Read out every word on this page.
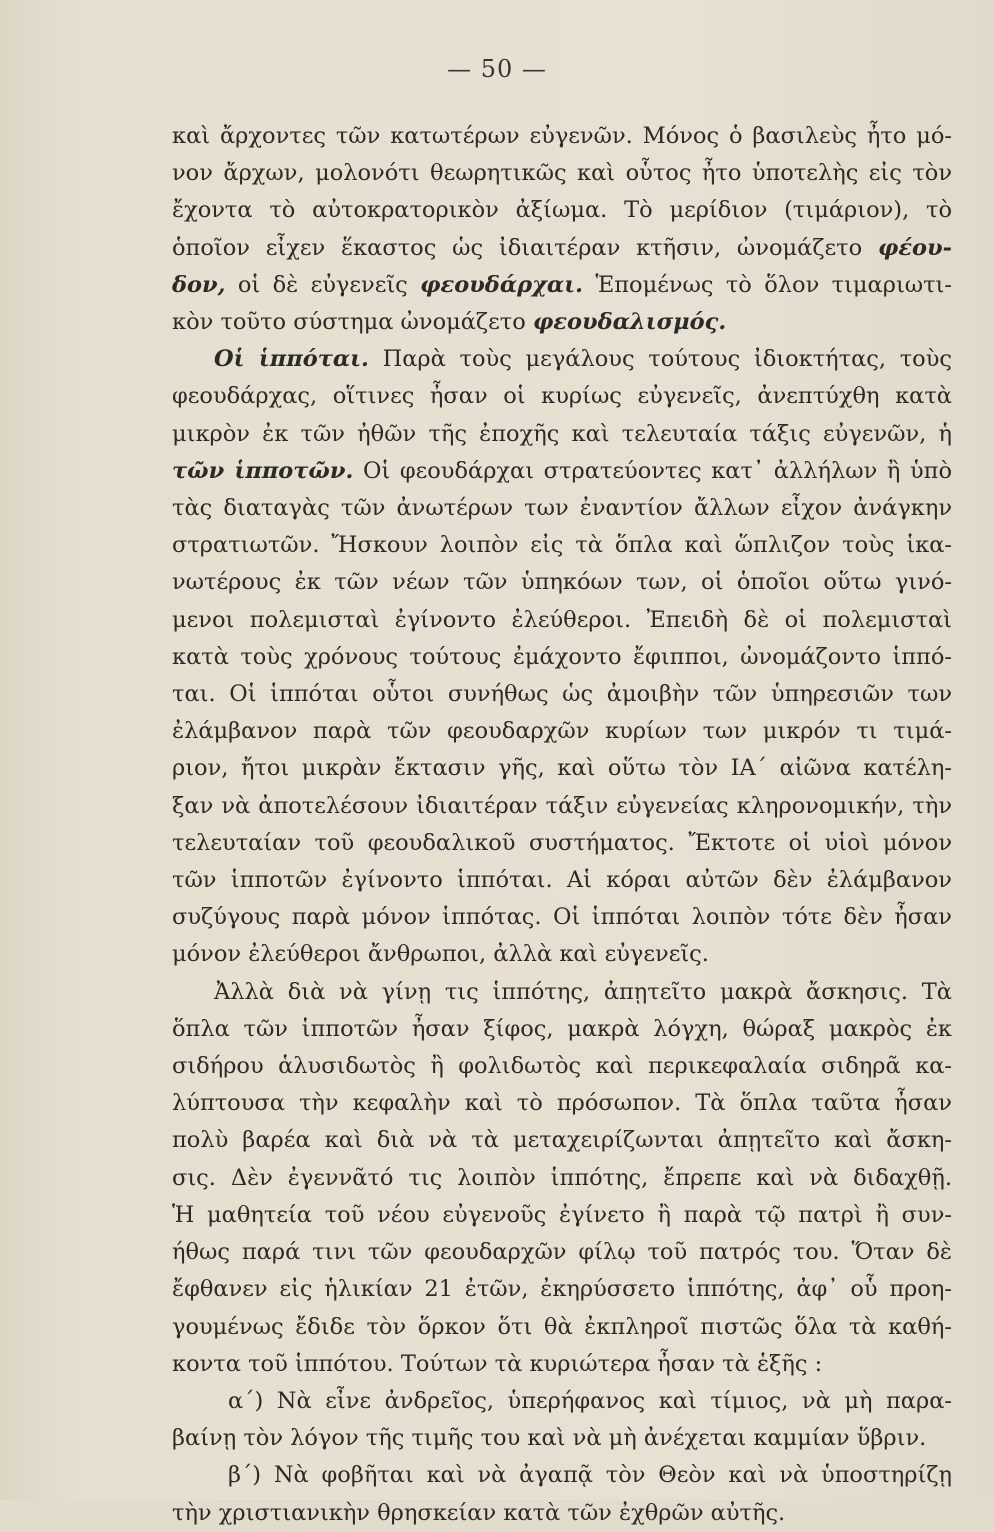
— 50 —

καὶ ἄρχοντες τῶν κατωτέρων εὐγενῶν. Μόνος ὁ βασιλεὺς ἦτο μό-
νον ἄρχων, μολονότι θεωρητικῶς καὶ οὗτος ἦτο ὑποτελὴς εἰς τὸν
ἔχοντα τὸ αὐτοκρατορικὸν ἀξίωμα. Τὸ μερίδιον (τιμάριον), τὸ
ὁποῖον εἶχεν ἕκαστος ὡς ἰδιαιτέραν κτῆσιν, ὠνομάζετο φέου-
δον, οἱ δὲ εὐγενεῖς φεουδάρχαι. Ἑπομένως τὸ ὅλον τιμαριωτι-
κὸν τοῦτο σύστημα ὠνομάζετο φεουδαλισμός.

Οἱ ἱππόται. Παρὰ τοὺς μεγάλους τούτους ἰδιοκτήτας, τοὺς
φεουδάρχας, οἵτινες ἦσαν οἱ κυρίως εὐγενεῖς, ἀνεπτύχθη κατὰ
μικρὸν ἐκ τῶν ἠθῶν τῆς ἐποχῆς καὶ τελευταία τάξις εὐγενῶν, ἡ
τῶν ἱπποτῶν. Οἱ φεουδάρχαι στρατεύοντες κατ᾽ ἀλλήλων ἢ ὑπὸ
τὰς διαταγὰς τῶν ἀνωτέρων των ἐναντίον ἄλλων εἶχον ἀνάγκην
στρατιωτῶν. Ἤσκουν λοιπὸν εἰς τὰ ὅπλα καὶ ὥπλιζον τοὺς ἱκα-
νωτέρους ἐκ τῶν νέων τῶν ὑπηκόων των, οἱ ὁποῖοι οὕτω γινό-
μενοι πολεμισταὶ ἐγίνοντο ἐλεύθεροι. Ἐπειδὴ δὲ οἱ πολεμισταὶ
κατὰ τοὺς χρόνους τούτους ἐμάχοντο ἔφιπποι, ὠνομάζοντο ἱππό-
ται. Οἱ ἱππόται οὗτοι συνήθως ὡς ἀμοιβὴν τῶν ὑπηρεσιῶν των
ἐλάμβανον παρὰ τῶν φεουδαρχῶν κυρίων των μικρόν τι τιμά-
ριον, ἤτοι μικρὰν ἔκτασιν γῆς, καὶ οὕτω τὸν ΙΑ΄ αἰῶνα κατέλη-
ξαν νὰ ἀποτελέσουν ἰδιαιτέραν τάξιν εὐγενείας κληρονομικήν, τὴν
τελευταίαν τοῦ φεουδαλικοῦ συστήματος. Ἔκτοτε οἱ υἱοὶ μόνον
τῶν ἱπποτῶν ἐγίνοντο ἱππόται. Αἱ κόραι αὐτῶν δὲν ἐλάμβανον
συζύγους παρὰ μόνον ἱππότας. Οἱ ἱππόται λοιπὸν τότε δὲν ἦσαν
μόνον ἐλεύθεροι ἄνθρωποι, ἀλλὰ καὶ εὐγενεῖς.

Ἀλλὰ διὰ νὰ γίνῃ τις ἱππότης, ἀπῃτεῖτο μακρὰ ἄσκησις. Τὰ
ὅπλα τῶν ἱπποτῶν ἦσαν ξίφος, μακρὰ λόγχη, θώραξ μακρὸς ἐκ
σιδήρου ἁλυσιδωτὸς ἢ φολιδωτὸς καὶ περικεφαλαία σιδηρᾶ κα-
λύπτουσα τὴν κεφαλὴν καὶ τὸ πρόσωπον. Τὰ ὅπλα ταῦτα ἦσαν
πολὺ βαρέα καὶ διὰ νὰ τὰ μεταχειρίζωνται ἀπῃτεῖτο καὶ ἄσκη-
σις. Δὲν ἐγεννᾶτό τις λοιπὸν ἱππότης, ἔπρεπε καὶ νὰ διδαχθῇ.
Ἡ μαθητεία τοῦ νέου εὐγενοῦς ἐγίνετο ἢ παρὰ τῷ πατρὶ ἢ συν-
ήθως παρά τινι τῶν φεουδαρχῶν φίλῳ τοῦ πατρός του. Ὅταν δὲ
ἔφθανεν εἰς ἡλικίαν 21 ἐτῶν, ἐκηρύσσετο ἱππότης, ἀφ᾽ οὗ προη-
γουμένως ἔδιδε τὸν ὅρκον ὅτι θὰ ἐκπληροῖ πιστῶς ὅλα τὰ καθή-
κοντα τοῦ ἱππότου. Τούτων τὰ κυριώτερα ἦσαν τὰ ἑξῆς :

α΄) Νὰ εἶνε ἀνδρεῖος, ὑπερήφανος καὶ τίμιος, νὰ μὴ παρα-
βαίνῃ τὸν λόγον τῆς τιμῆς του καὶ νὰ μὴ ἀνέχεται καμμίαν ὕβριν.

β΄) Νὰ φοβῆται καὶ νὰ ἀγαπᾷ τὸν Θεὸν καὶ νὰ ὑποστηρίζῃ
τὴν χριστιανικὴν θρησκείαν κατὰ τῶν ἐχθρῶν αὐτῆς.
